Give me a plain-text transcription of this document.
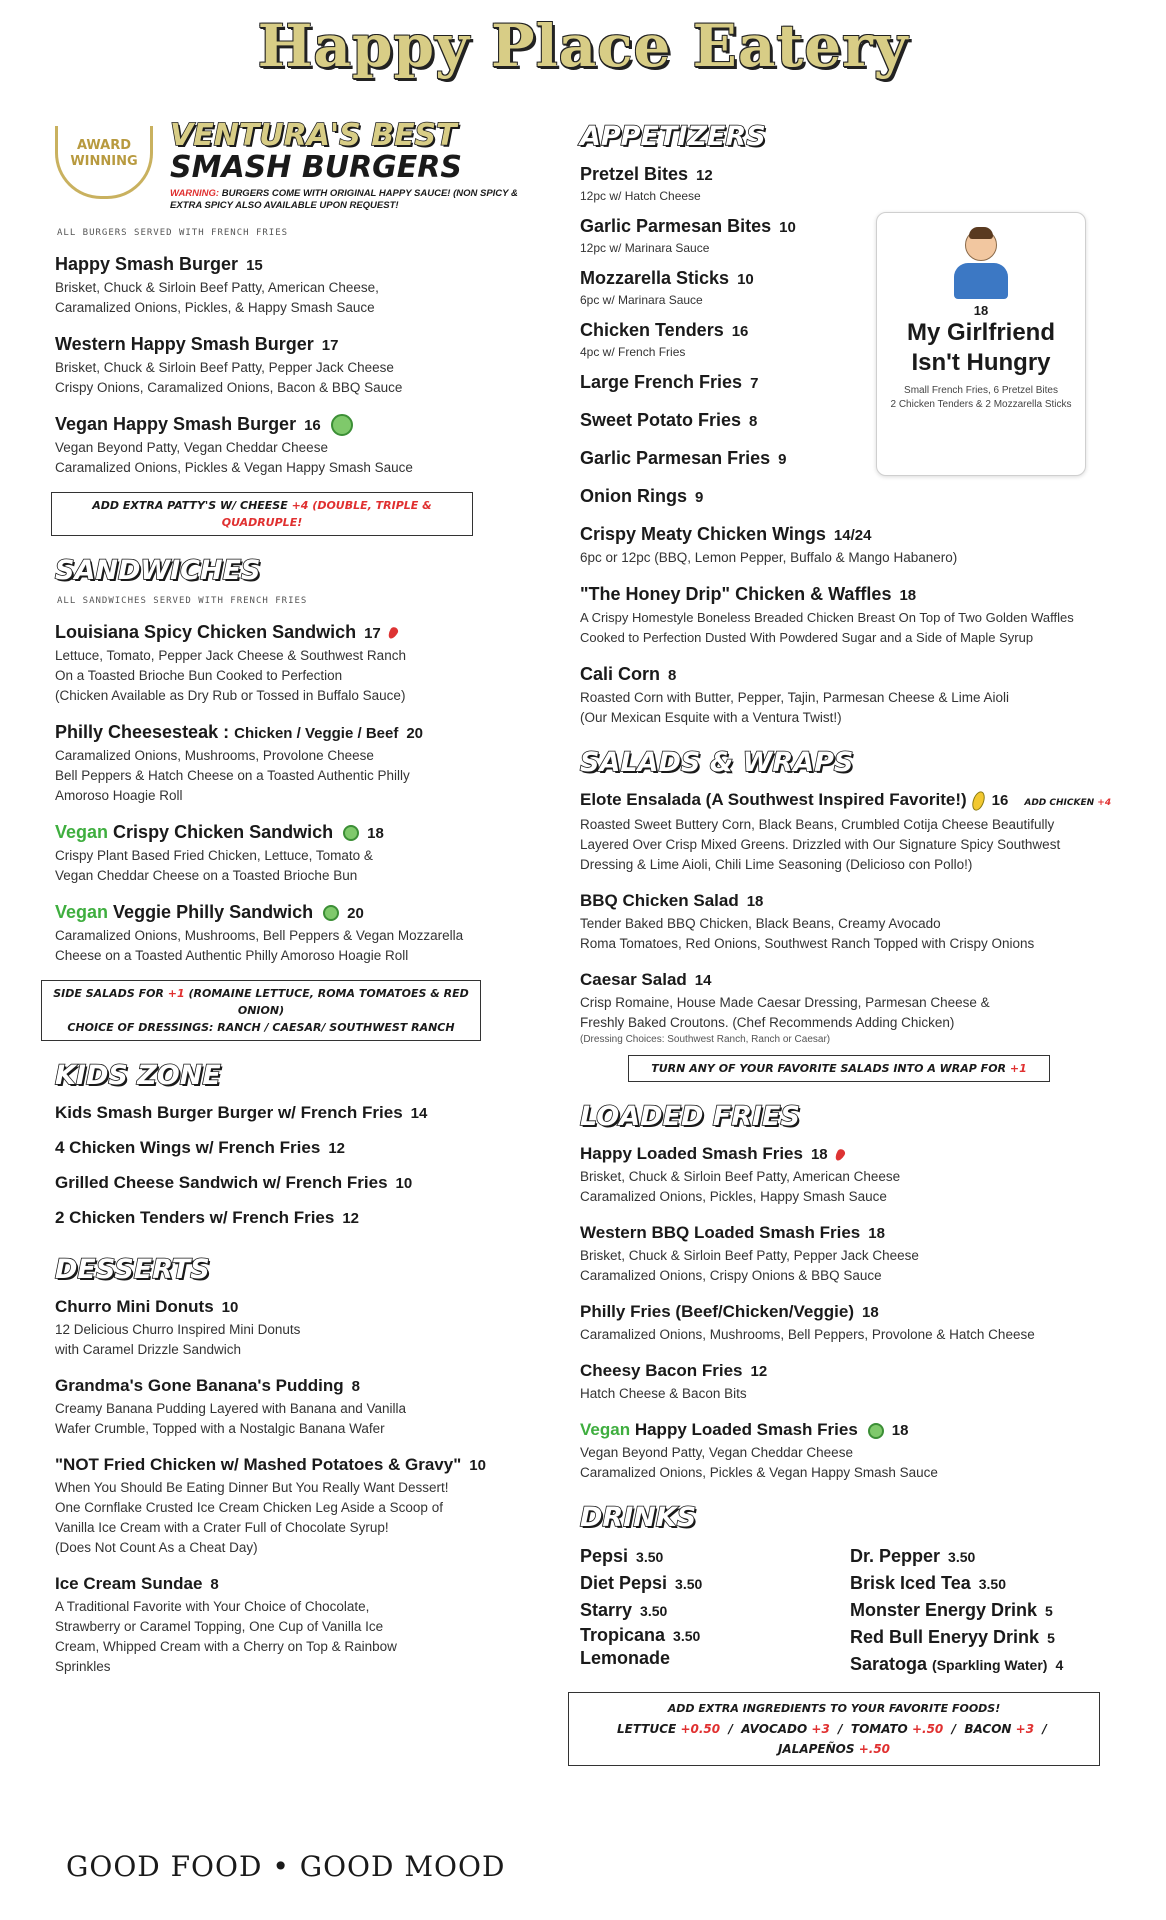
Happy Place Eatery
AWARD WINNING
VENTURA'S BEST
SMASH BURGERS
WARNING: BURGERS COME WITH ORIGINAL HAPPY SAUCE! (NON SPICY & EXTRA SPICY ALSO AVAILABLE UPON REQUEST!
ALL BURGERS SERVED WITH FRENCH FRIES
Happy Smash Burger 15
Brisket, Chuck & Sirloin Beef Patty, American Cheese,
Caramalized Onions, Pickles, & Happy Smash Sauce
Western Happy Smash Burger 17
Brisket, Chuck & Sirloin Beef Patty, Pepper Jack Cheese
Crispy Onions, Caramalized Onions, Bacon & BBQ Sauce
Vegan Happy Smash Burger 16
Vegan Beyond Patty, Vegan Cheddar Cheese
Caramalized Onions, Pickles & Vegan Happy Smash Sauce
ADD EXTRA PATTY'S W/ CHEESE +4 (DOUBLE, TRIPLE & QUADRUPLE!
SANDWICHES
ALL SANDWICHES SERVED WITH FRENCH FRIES
Louisiana Spicy Chicken Sandwich 17
Lettuce, Tomato, Pepper Jack Cheese & Southwest Ranch
On a Toasted Brioche Bun Cooked to Perfection
(Chicken Available as Dry Rub or Tossed in Buffalo Sauce)
Philly Cheesesteak : Chicken / Veggie / Beef 20
Caramalized Onions, Mushrooms, Provolone Cheese
Bell Peppers & Hatch Cheese on a Toasted Authentic Philly
Amoroso Hoagie Roll
Vegan Crispy Chicken Sandwich 18
Crispy Plant Based Fried Chicken, Lettuce, Tomato &
Vegan Cheddar Cheese on a Toasted Brioche Bun
Vegan Veggie Philly Sandwich 20
Caramalized Onions, Mushrooms, Bell Peppers & Vegan Mozzarella
Cheese on a Toasted Authentic Philly Amoroso Hoagie Roll
SIDE SALADS FOR +1 (ROMAINE LETTUCE, ROMA TOMATOES & RED ONION)
CHOICE OF DRESSINGS: RANCH / CAESAR/ SOUTHWEST RANCH
KIDS ZONE
Kids Smash Burger Burger w/ French Fries 14
4 Chicken Wings w/ French Fries 12
Grilled Cheese Sandwich w/ French Fries 10
2 Chicken Tenders w/ French Fries 12
DESSERTS
Churro Mini Donuts 10
12 Delicious Churro Inspired Mini Donuts
with Caramel Drizzle Sandwich
Grandma's Gone Banana's Pudding 8
Creamy Banana Pudding Layered with Banana and Vanilla
Wafer Crumble, Topped with a Nostalgic Banana Wafer
"NOT Fried Chicken w/ Mashed Potatoes & Gravy" 10
When You Should Be Eating Dinner But You Really Want Dessert!
One Cornflake Crusted Ice Cream Chicken Leg Aside a Scoop of
Vanilla Ice Cream with a Crater Full of Chocolate Syrup!
(Does Not Count As a Cheat Day)
Ice Cream Sundae 8
A Traditional Favorite with Your Choice of Chocolate,
Strawberry or Caramel Topping, One Cup of Vanilla Ice
Cream, Whipped Cream with a Cherry on Top & Rainbow
Sprinkles
APPETIZERS
Pretzel Bites 12
12pc w/ Hatch Cheese
Garlic Parmesan Bites 10
12pc w/ Marinara Sauce
Mozzarella Sticks 10
6pc w/ Marinara Sauce
Chicken Tenders 16
4pc w/ French Fries
Large French Fries 7
Sweet Potato Fries 8
Garlic Parmesan Fries 9
Onion Rings 9
Crispy Meaty Chicken Wings 14/24
6pc or 12pc (BBQ, Lemon Pepper, Buffalo & Mango Habanero)
"The Honey Drip" Chicken & Waffles 18
A Crispy Homestyle Boneless Breaded Chicken Breast On Top of Two Golden Waffles
Cooked to Perfection Dusted With Powdered Sugar and a Side of Maple Syrup
Cali Corn 8
Roasted Corn with Butter, Pepper, Tajin, Parmesan Cheese & Lime Aioli
(Our Mexican Esquite with a Ventura Twist!)
SALADS & WRAPS
Elote Ensalada (A Southwest Inspired Favorite!) 16 ADD CHICKEN +4
Roasted Sweet Buttery Corn, Black Beans, Crumbled Cotija Cheese Beautifully
Layered Over Crisp Mixed Greens. Drizzled with Our Signature Spicy Southwest
Dressing & Lime Aioli, Chili Lime Seasoning (Delicioso con Pollo!)
BBQ Chicken Salad 18
Tender Baked BBQ Chicken, Black Beans, Creamy Avocado
Roma Tomatoes, Red Onions, Southwest Ranch Topped with Crispy Onions
Caesar Salad 14
Crisp Romaine, House Made Caesar Dressing, Parmesan Cheese &
Freshly Baked Croutons. (Chef Recommends Adding Chicken)
(Dressing Choices: Southwest Ranch, Ranch or Caesar)
TURN ANY OF YOUR FAVORITE SALADS INTO A WRAP FOR +1
LOADED FRIES
Happy Loaded Smash Fries 18
Brisket, Chuck & Sirloin Beef Patty, American Cheese
Caramalized Onions, Pickles, Happy Smash Sauce
Western BBQ Loaded Smash Fries 18
Brisket, Chuck & Sirloin Beef Patty, Pepper Jack Cheese
Caramalized Onions, Crispy Onions & BBQ Sauce
Philly Fries (Beef/Chicken/Veggie) 18
Caramalized Onions, Mushrooms, Bell Peppers, Provolone & Hatch Cheese
Cheesy Bacon Fries 12
Hatch Cheese & Bacon Bits
Vegan Happy Loaded Smash Fries 18
Vegan Beyond Patty, Vegan Cheddar Cheese
Caramalized Onions, Pickles & Vegan Happy Smash Sauce
DRINKS
Pepsi 3.50
Diet Pepsi 3.50
Starry 3.50
Tropicana 3.50
Lemonade
Dr. Pepper 3.50
Brisk Iced Tea 3.50
Monster Energy Drink 5
Red Bull Eneryy Drink 5
Saratoga (Sparkling Water) 4
ADD EXTRA INGREDIENTS TO YOUR FAVORITE FOODS!
LETTUCE +0.50  /  AVOCADO +3  /  TOMATO +.50  /  BACON +3  /  JALAPEÑOS +.50
18
My Girlfriend
Isn't Hungry
Small French Fries, 6 Pretzel Bites
2 Chicken Tenders & 2 Mozzarella Sticks
GOOD FOOD • GOOD MOOD
